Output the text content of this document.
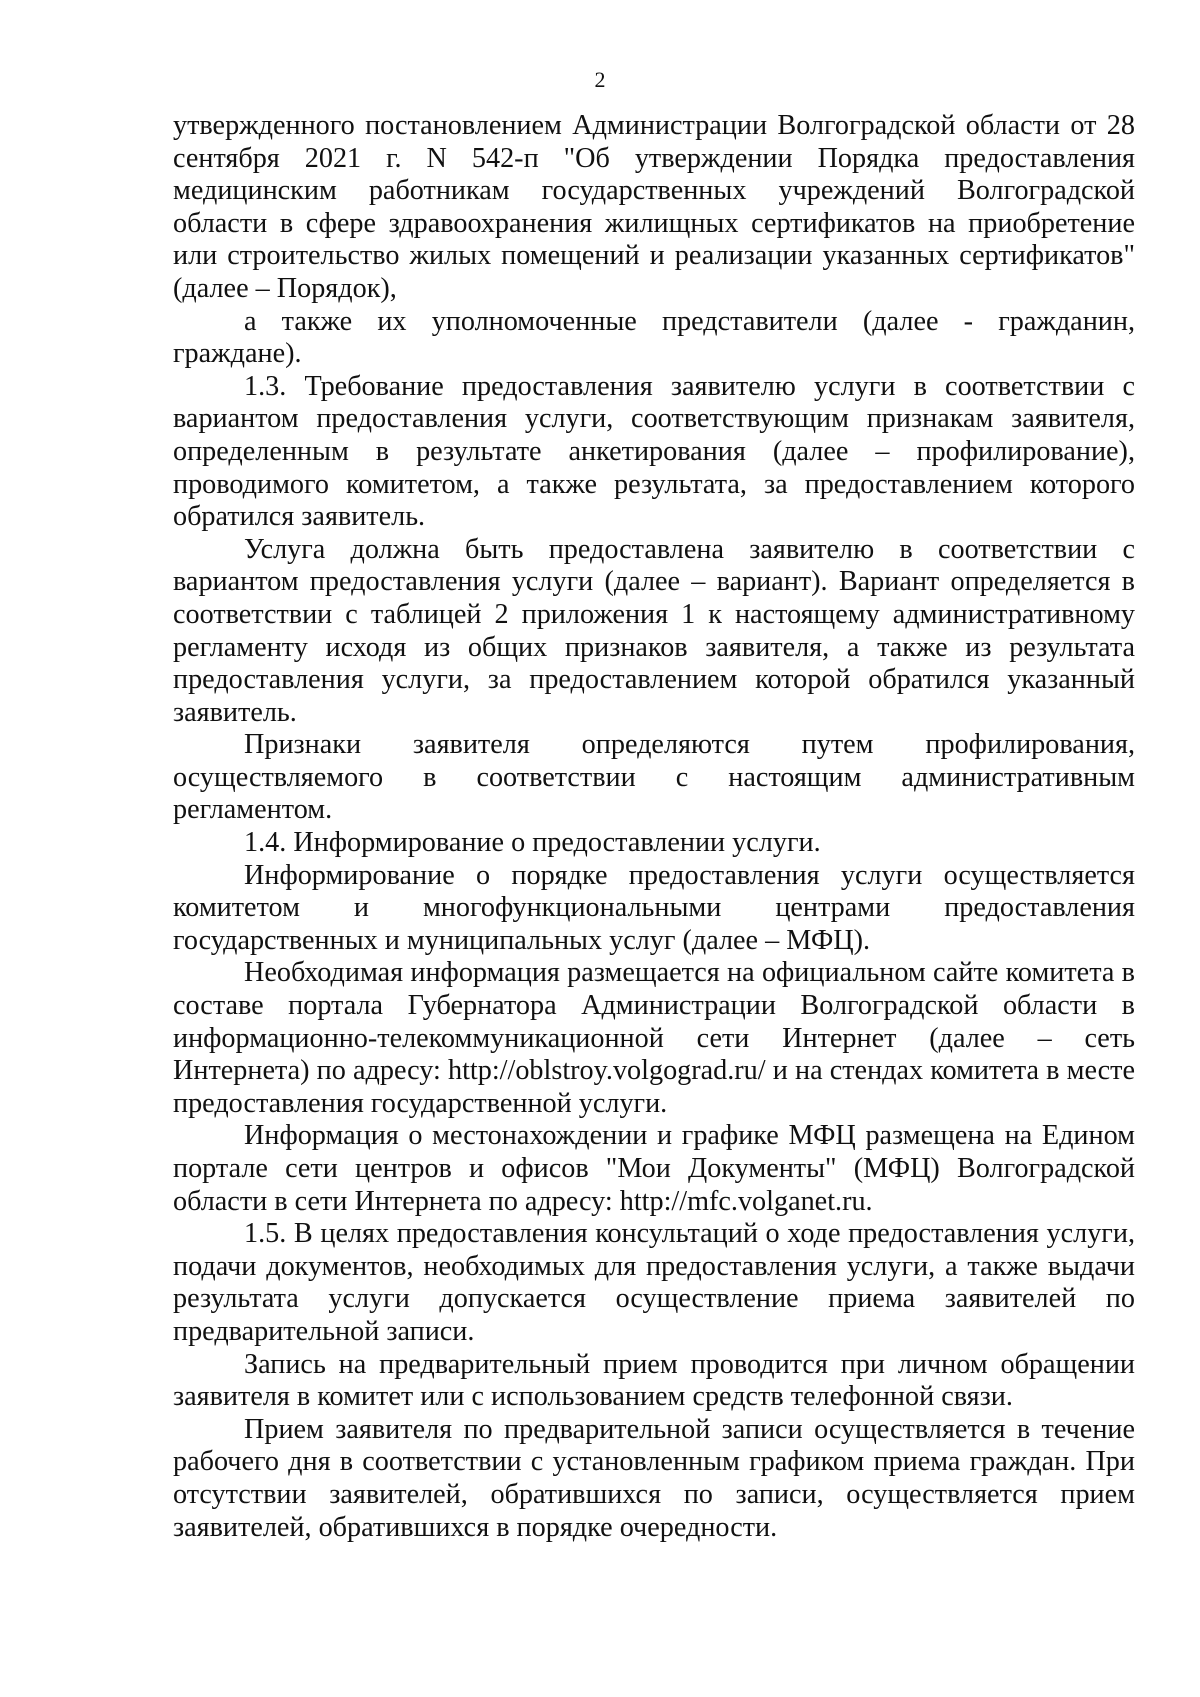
2

утвержденного постановлением Администрации Волгоградской области от 28 сентября 2021 г. N 542-п "Об утверждении Порядка предоставления медицинским работникам государственных учреждений Волгоградской области в сфере здравоохранения жилищных сертификатов на приобретение или строительство жилых помещений и реализации указанных сертификатов" (далее – Порядок),

а также их уполномоченные представители (далее - гражданин, граждане).

1.3. Требование предоставления заявителю услуги в соответствии с вариантом предоставления услуги, соответствующим признакам заявителя, определенным в результате анкетирования (далее – профилирование), проводимого комитетом, а также результата, за предоставлением которого обратился заявитель.

Услуга должна быть предоставлена заявителю в соответствии с вариантом предоставления услуги (далее – вариант). Вариант определяется в соответствии с таблицей 2 приложения 1 к настоящему административному регламенту исходя из общих признаков заявителя, а также из результата предоставления услуги, за предоставлением которой обратился указанный заявитель.

Признаки заявителя определяются путем профилирования, осуществляемого в соответствии с настоящим административным регламентом.

1.4. Информирование о предоставлении услуги.

Информирование о порядке предоставления услуги осуществляется комитетом и многофункциональными центрами предоставления государственных и муниципальных услуг (далее – МФЦ).

Необходимая информация размещается на официальном сайте комитета в составе портала Губернатора Администрации Волгоградской области в информационно-телекоммуникационной сети Интернет (далее – сеть Интернета) по адресу: http://oblstroy.volgograd.ru/ и на стендах комитета в месте предоставления государственной услуги.

Информация о местонахождении и графике МФЦ размещена на Едином портале сети центров и офисов "Мои Документы" (МФЦ) Волгоградской области в сети Интернета по адресу: http://mfc.volganet.ru.

1.5. В целях предоставления консультаций о ходе предоставления услуги, подачи документов, необходимых для предоставления услуги, а также выдачи результата услуги допускается осуществление приема заявителей по предварительной записи.

Запись на предварительный прием проводится при личном обращении заявителя в комитет или с использованием средств телефонной связи.

Прием заявителя по предварительной записи осуществляется в течение рабочего дня в соответствии с установленным графиком приема граждан. При отсутствии заявителей, обратившихся по записи, осуществляется прием заявителей, обратившихся в порядке очередности.
